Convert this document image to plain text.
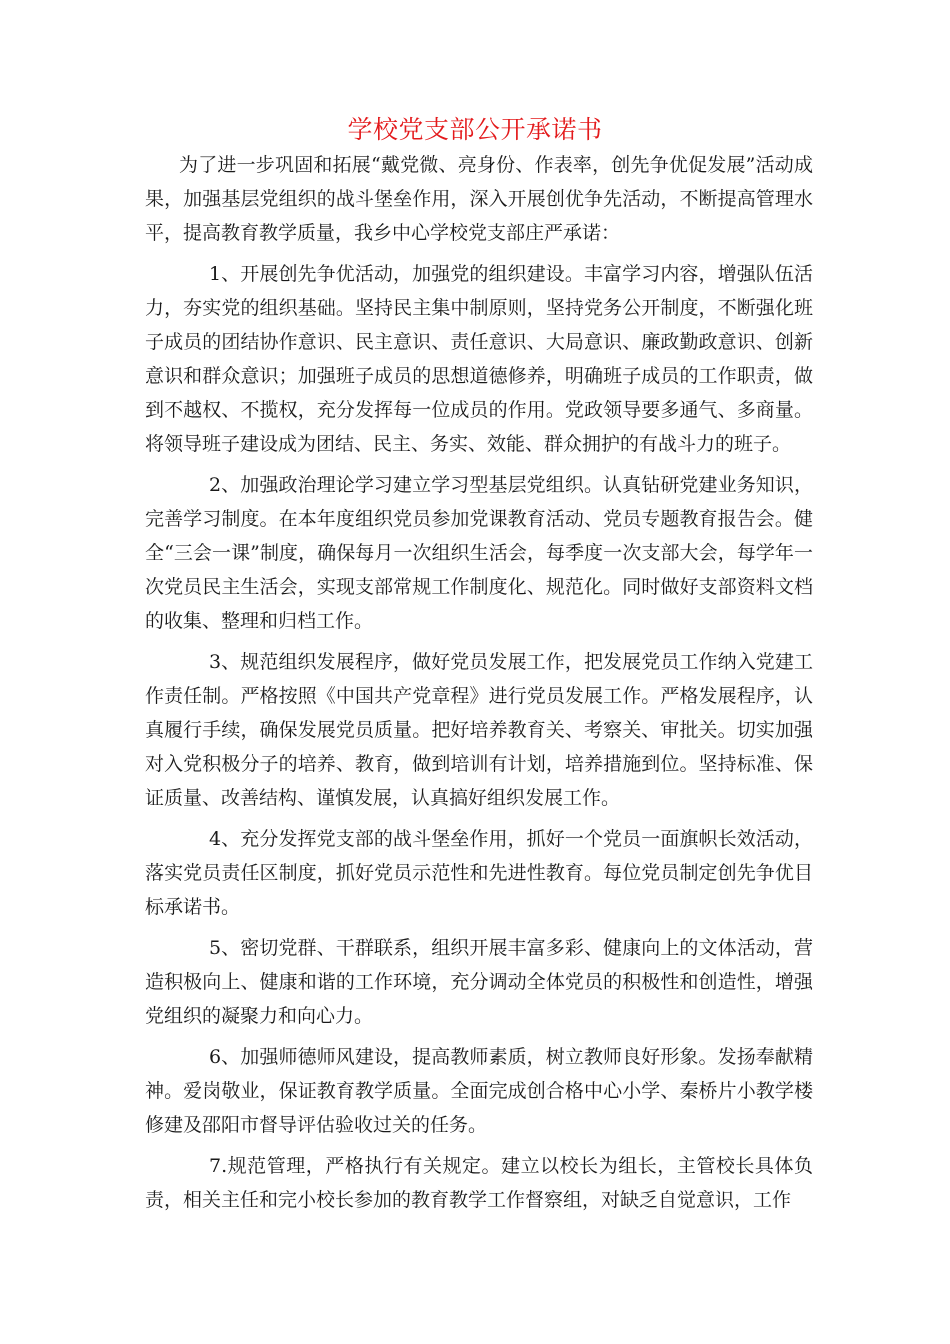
学校党支部公开承诺书

为了进一步巩固和拓展“戴党微、亮身份、作表率，创先争优促发展”活动成果，加强基层党组织的战斗堡垒作用，深入开展创优争先活动，不断提高管理水平，提高教育教学质量，我乡中心学校党支部庄严承诺：

1、开展创先争优活动，加强党的组织建设。丰富学习内容，增强队伍活力，夯实党的组织基础。坚持民主集中制原则，坚持党务公开制度，不断强化班子成员的团结协作意识、民主意识、责任意识、大局意识、廉政勤政意识、创新意识和群众意识；加强班子成员的思想道德修养，明确班子成员的工作职责，做到不越权、不揽权，充分发挥每一位成员的作用。党政领导要多通气、多商量。将领导班子建设成为团结、民主、务实、效能、群众拥护的有战斗力的班子。

2、加强政治理论学习建立学习型基层党组织。认真钻研党建业务知识，完善学习制度。在本年度组织党员参加党课教育活动、党员专题教育报告会。健全“三会一课”制度，确保每月一次组织生活会，每季度一次支部大会，每学年一次党员民主生活会，实现支部常规工作制度化、规范化。同时做好支部资料文档的收集、整理和归档工作。

3、规范组织发展程序，做好党员发展工作，把发展党员工作纳入党建工作责任制。严格按照《中国共产党章程》进行党员发展工作。严格发展程序，认真履行手续，确保发展党员质量。把好培养教育关、考察关、审批关。切实加强对入党积极分子的培养、教育，做到培训有计划，培养措施到位。坚持标准、保证质量、改善结构、谨慎发展，认真搞好组织发展工作。

4、充分发挥党支部的战斗堡垒作用，抓好一个党员一面旗帜长效活动，落实党员责任区制度，抓好党员示范性和先进性教育。每位党员制定创先争优目标承诺书。

5、密切党群、干群联系，组织开展丰富多彩、健康向上的文体活动，营造积极向上、健康和谐的工作环境，充分调动全体党员的积极性和创造性，增强党组织的凝聚力和向心力。

6、加强师德师风建设，提高教师素质，树立教师良好形象。发扬奉献精神。爱岗敬业，保证教育教学质量。全面完成创合格中心小学、秦桥片小教学楼修建及邵阳市督导评估验收过关的任务。

7.规范管理，严格执行有关规定。建立以校长为组长，主管校长具体负责，相关主任和完小校长参加的教育教学工作督察组，对缺乏自觉意识，工作
